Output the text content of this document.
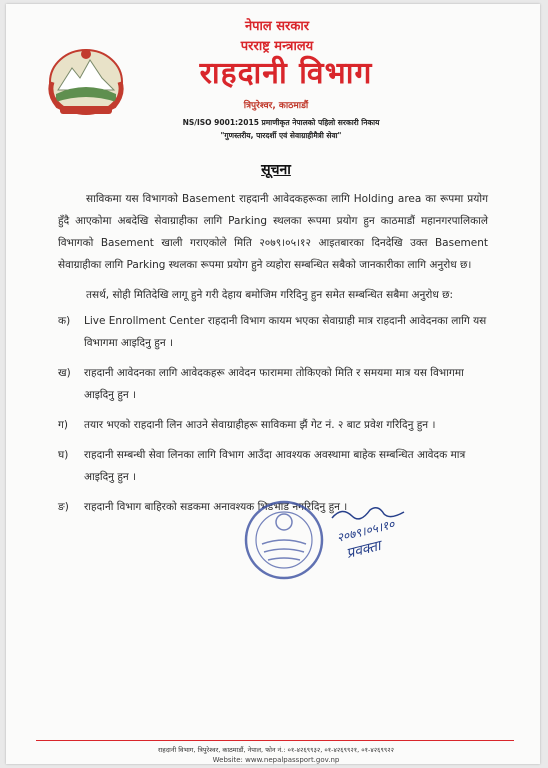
नेपाल सरकार
परराष्ट्र मन्त्रालय
राहदानी विभाग
त्रिपुरेश्वर, काठमाडौं
NS/ISO 9001:2015 प्रमाणीकृत नेपालको पहिलो सरकारी निकाय
"गुणस्तरीय, पारदर्शी एवं सेवाग्राहीमैत्री सेवा"
सूचना

साविकमा यस विभागको Basement राहदानी आवेदकहरूका लागि Holding area का रूपमा प्रयोग हुँदै आएकोमा अबदेखि सेवाग्राहीका लागि Parking स्थलका रूपमा प्रयोग हुन काठमाडौं महानगरपालिकाले विभागको Basement खाली गराएकोले मिति २०७९।०५।१२ आइतबारका दिनदेखि उक्त Basement सेवाग्राहीका लागि Parking स्थलका रूपमा प्रयोग हुने व्यहोरा सम्बन्धित सबैको जानकारीका लागि अनुरोध छ।

तसर्थ, सोही मितिदेखि लागू हुने गरी देहाय बमोजिम गरिदिनु हुन समेत सम्बन्धित सबैमा अनुरोध छ:

क)	Live Enrollment Center राहदानी विभाग कायम भएका सेवाग्राही मात्र राहदानी आवेदनका लागि यस विभागमा आइदिनु हुन ।
ख)	राहदानी आवेदनका लागि आवेदकहरू आवेदन फाराममा तोकिएको मिति र समयमा मात्र यस विभागमा आइदिनु हुन ।
ग)	तयार भएको राहदानी लिन आउने सेवाग्राहीहरू साविकमा झैं गेट नं. २ बाट प्रवेश गरिदिनु हुन ।
घ)	राहदानी सम्बन्धी सेवा लिनका लागि विभाग आउँदा आवश्यक अवस्थामा बाहेक सम्बन्धित आवेदक मात्र आइदिनु हुन ।
ङ)	राहदानी विभाग बाहिरको सडकमा अनावश्यक भिडभाड नगरिदिनु हुन ।
२०७९।०५।१०
प्रवक्ता
राहदानी विभाग, त्रिपुरेश्वर, काठमाडौं, नेपाल, फोन नं.: ०१-४२६९९३२, ०१-४२६९९२१, ०१-४२६९९२२
Website: www.nepalpassport.gov.np
